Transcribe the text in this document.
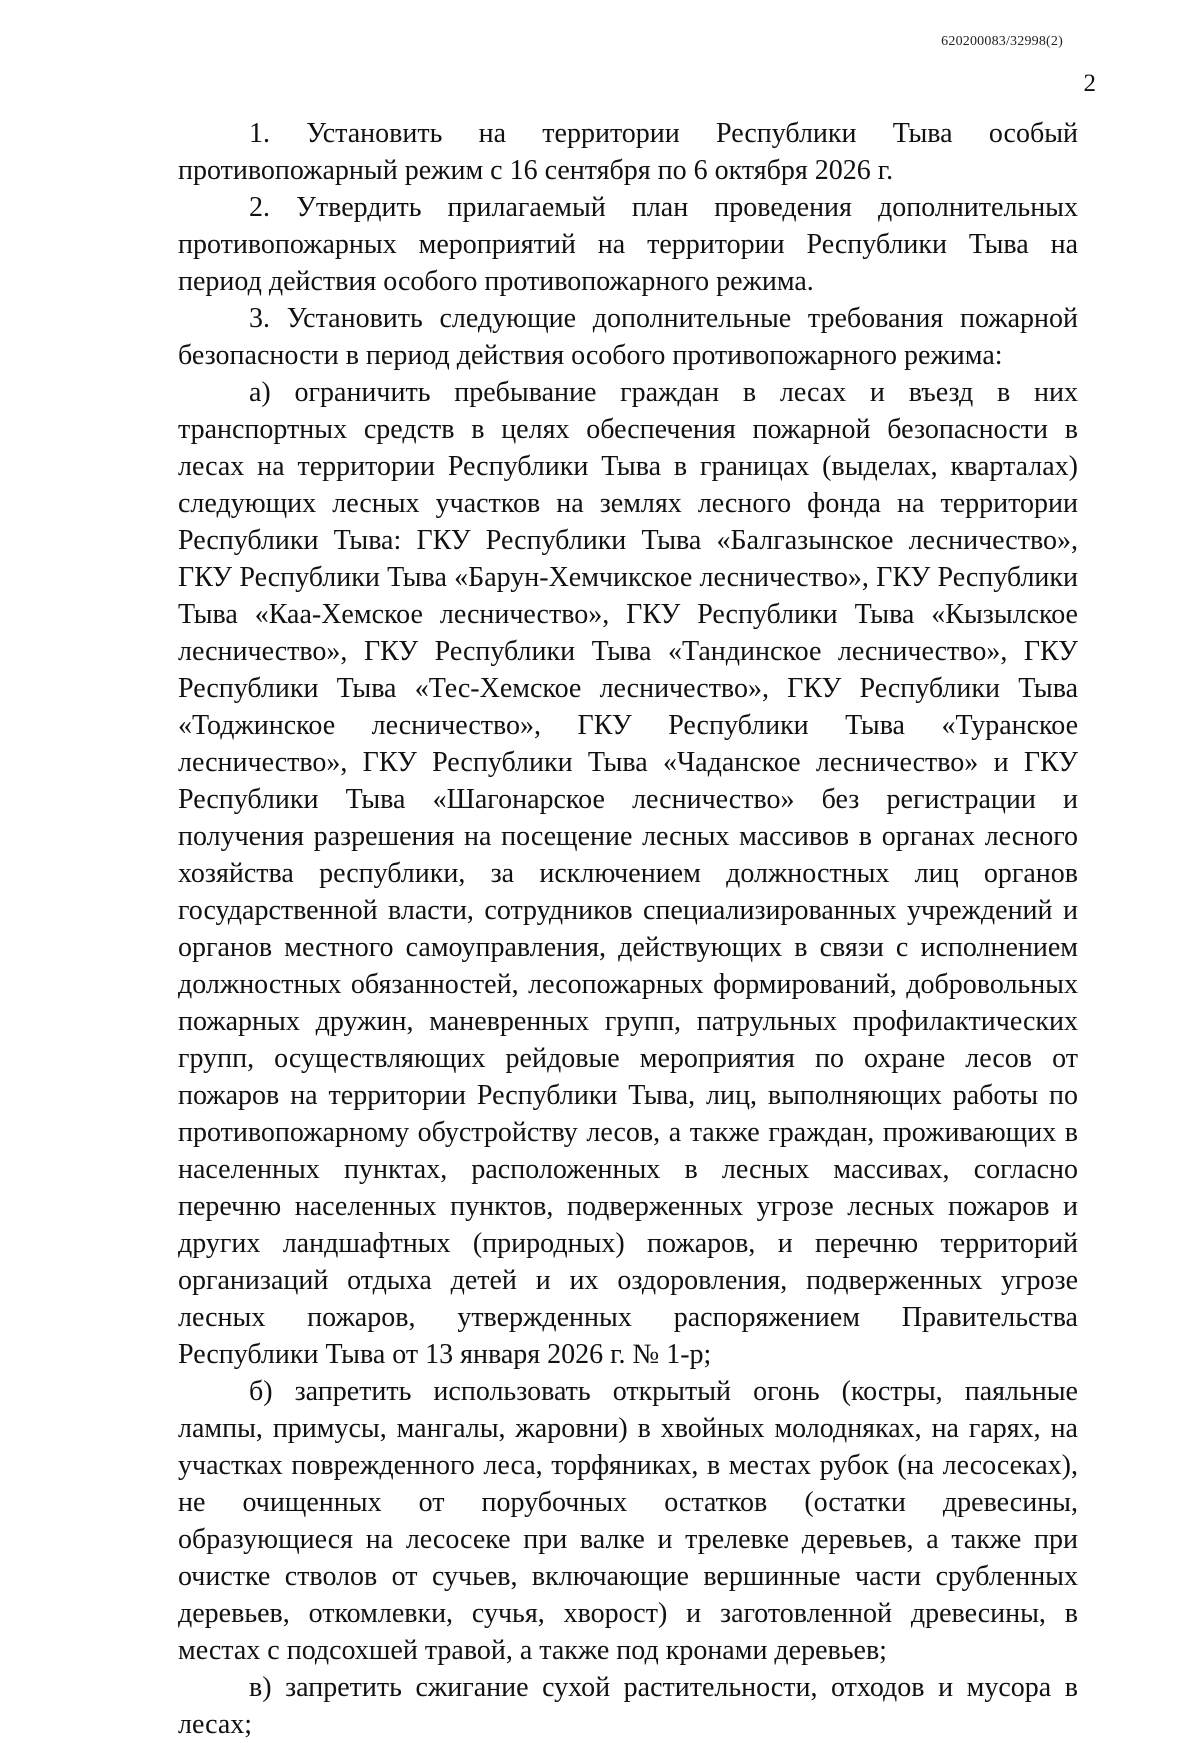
620200083/32998(2)
2

1. Установить на территории Республики Тыва особый противопожарный режим с 16 сентября по 6 октября 2026 г.

2. Утвердить прилагаемый план проведения дополнительных противопожарных мероприятий на территории Республики Тыва на период действия особого противопожарного режима.

3. Установить следующие дополнительные требования пожарной безопасности в период действия особого противопожарного режима:

а) ограничить пребывание граждан в лесах и въезд в них транспортных средств в целях обеспечения пожарной безопасности в лесах на территории Республики Тыва в границах (выделах, кварталах) следующих лесных участков на землях лесного фонда на территории Республики Тыва: ГКУ Республики Тыва «Балгазынское лесничество», ГКУ Республики Тыва «Барун-Хемчикское лесничество», ГКУ Республики Тыва «Каа-Хемское лесничество», ГКУ Республики Тыва «Кызылское лесничество», ГКУ Республики Тыва «Тандинское лесничество», ГКУ Республики Тыва «Тес-Хемское лесничество», ГКУ Республики Тыва «Тоджинское лесничество», ГКУ Республики Тыва «Туранское лесничество», ГКУ Республики Тыва «Чаданское лесничество» и ГКУ Республики Тыва «Шагонарское лесничество» без регистрации и получения разрешения на посещение лесных массивов в органах лесного хозяйства республики, за исключением должностных лиц органов государственной власти, сотрудников специализированных учреждений и органов местного самоуправления, действующих в связи с исполнением должностных обязанностей, лесопожарных формирований, добровольных пожарных дружин, маневренных групп, патрульных профилактических групп, осуществляющих рейдовые мероприятия по охране лесов от пожаров на территории Республики Тыва, лиц, выполняющих работы по противопожарному обустройству лесов, а также граждан, проживающих в населенных пунктах, расположенных в лесных массивах, согласно перечню населенных пунктов, подверженных угрозе лесных пожаров и других ландшафтных (природных) пожаров, и перечню территорий организаций отдыха детей и их оздоровления, подверженных угрозе лесных пожаров, утвержденных распоряжением Правительства Республики Тыва от 13 января 2026 г. № 1-р;

б) запретить использовать открытый огонь (костры, паяльные лампы, примусы, мангалы, жаровни) в хвойных молодняках, на гарях, на участках поврежденного леса, торфяниках, в местах рубок (на лесосеках), не очищенных от порубочных остатков (остатки древесины, образующиеся на лесосеке при валке и трелевке деревьев, а также при очистке стволов от сучьев, включающие вершинные части срубленных деревьев, откомлевки, сучья, хворост) и заготовленной древесины, в местах с подсохшей травой, а также под кронами деревьев;

в) запретить сжигание сухой растительности, отходов и мусора в лесах;
